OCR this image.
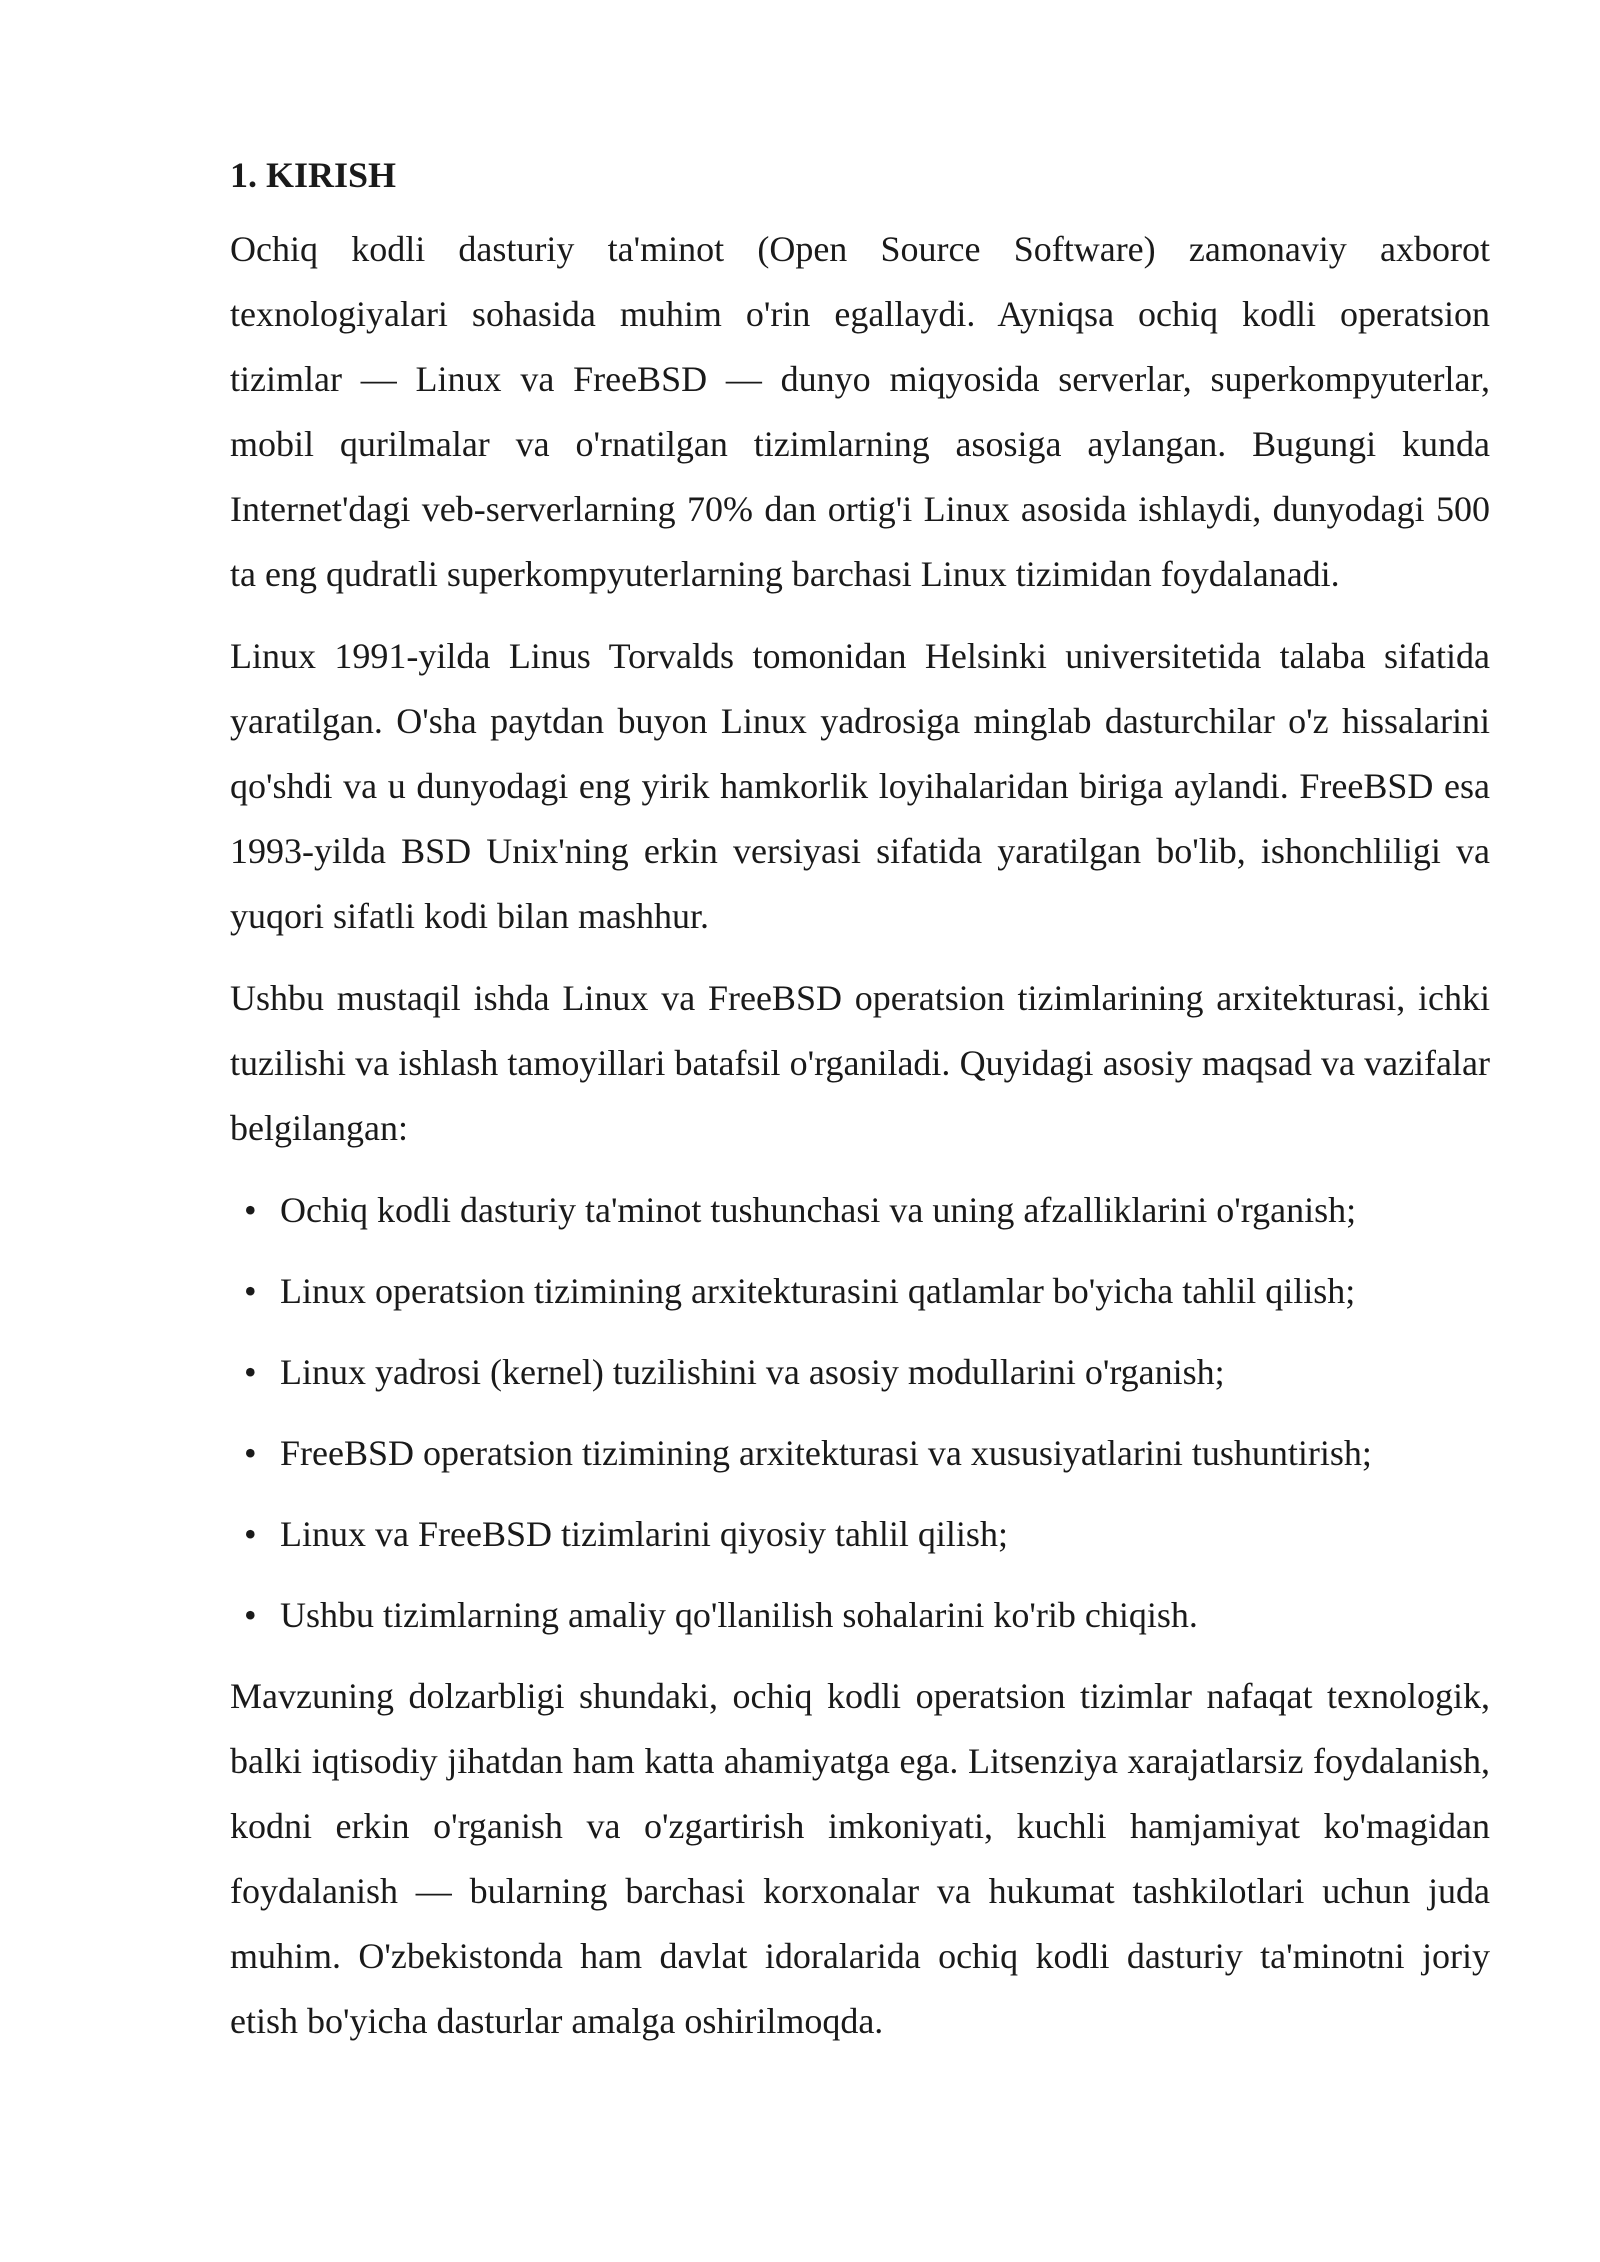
1. KIRISH

Ochiq kodli dasturiy ta'minot (Open Source Software) zamonaviy axborot texnologiyalari sohasida muhim o'rin egallaydi. Ayniqsa ochiq kodli operatsion tizimlar — Linux va FreeBSD — dunyo miqyosida serverlar, superkompyuterlar, mobil qurilmalar va o'rnatilgan tizimlarning asosiga aylangan. Bugungi kunda Internet'dagi veb-serverlarning 70% dan ortig'i Linux asosida ishlaydi, dunyodagi 500 ta eng qudratli superkompyuterlarning barchasi Linux tizimidan foydalanadi.

Linux 1991-yilda Linus Torvalds tomonidan Helsinki universitetida talaba sifatida yaratilgan. O'sha paytdan buyon Linux yadrosiga minglab dasturchilar o'z hissalarini qo'shdi va u dunyodagi eng yirik hamkorlik loyihalaridan biriga aylandi. FreeBSD esa 1993-yilda BSD Unix'ning erkin versiyasi sifatida yaratilgan bo'lib, ishonchliligi va yuqori sifatli kodi bilan mashhur.

Ushbu mustaqil ishda Linux va FreeBSD operatsion tizimlarining arxitekturasi, ichki tuzilishi va ishlash tamoyillari batafsil o'rganiladi. Quyidagi asosiy maqsad va vazifalar belgilangan:

• Ochiq kodli dasturiy ta'minot tushunchasi va uning afzalliklarini o'rganish;
• Linux operatsion tizimining arxitekturasini qatlamlar bo'yicha tahlil qilish;
• Linux yadrosi (kernel) tuzilishini va asosiy modullarini o'rganish;
• FreeBSD operatsion tizimining arxitekturasi va xususiyatlarini tushuntirish;
• Linux va FreeBSD tizimlarini qiyosiy tahlil qilish;
• Ushbu tizimlarning amaliy qo'llanilish sohalarini ko'rib chiqish.

Mavzuning dolzarbligi shundaki, ochiq kodli operatsion tizimlar nafaqat texnologik, balki iqtisodiy jihatdan ham katta ahamiyatga ega. Litsenziya xarajatlarsiz foydalanish, kodni erkin o'rganish va o'zgartirish imkoniyati, kuchli hamjamiyat ko'magidan foydalanish — bularning barchasi korxonalar va hukumat tashkilotlari uchun juda muhim. O'zbekistonda ham davlat idoralarida ochiq kodli dasturiy ta'minotni joriy etish bo'yicha dasturlar amalga oshirilmoqda.
